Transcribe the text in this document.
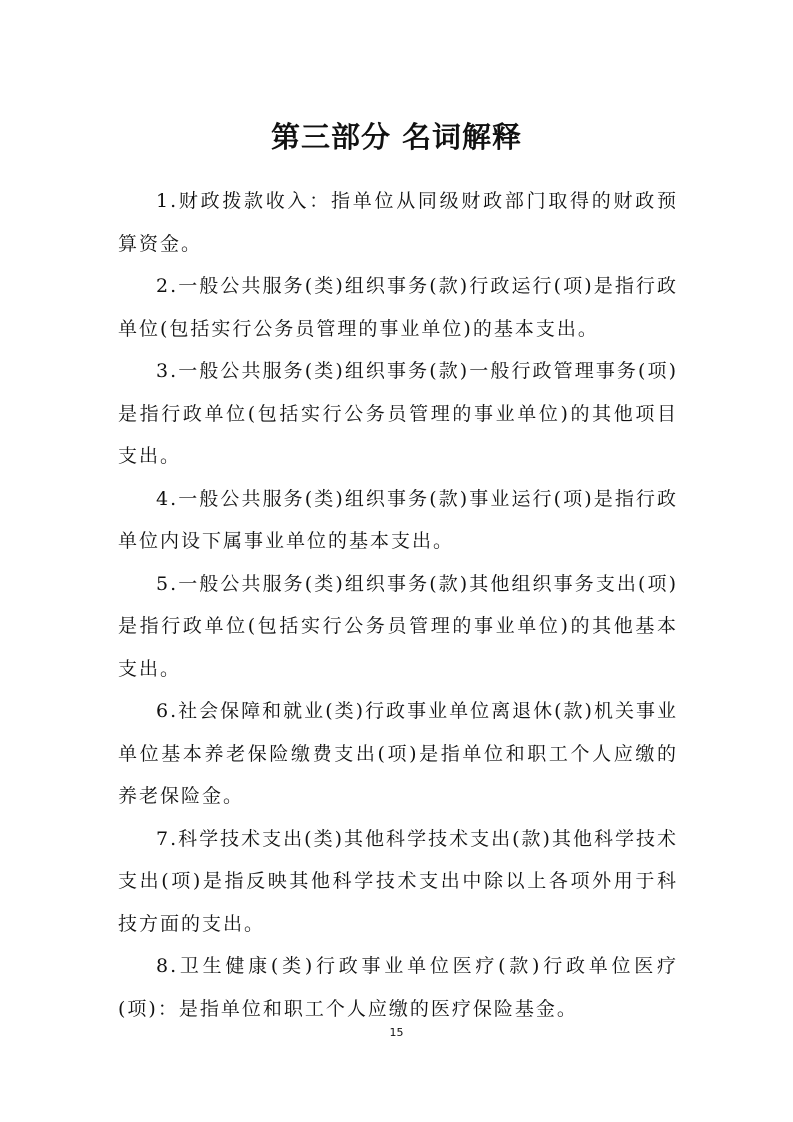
第三部分 名词解释

1.财政拨款收入：指单位从同级财政部门取得的财政预算资金。

2.一般公共服务(类)组织事务(款)行政运行(项)是指行政单位(包括实行公务员管理的事业单位)的基本支出。

3.一般公共服务(类)组织事务(款)一般行政管理事务(项)是指行政单位(包括实行公务员管理的事业单位)的其他项目支出。

4.一般公共服务(类)组织事务(款)事业运行(项)是指行政单位内设下属事业单位的基本支出。

5.一般公共服务(类)组织事务(款)其他组织事务支出(项)是指行政单位(包括实行公务员管理的事业单位)的其他基本支出。

6.社会保障和就业(类)行政事业单位离退休(款)机关事业单位基本养老保险缴费支出(项)是指单位和职工个人应缴的养老保险金。

7.科学技术支出(类)其他科学技术支出(款)其他科学技术支出(项)是指反映其他科学技术支出中除以上各项外用于科技方面的支出。

8.卫生健康(类)行政事业单位医疗(款)行政单位医疗(项)：是指单位和职工个人应缴的医疗保险基金。

15
